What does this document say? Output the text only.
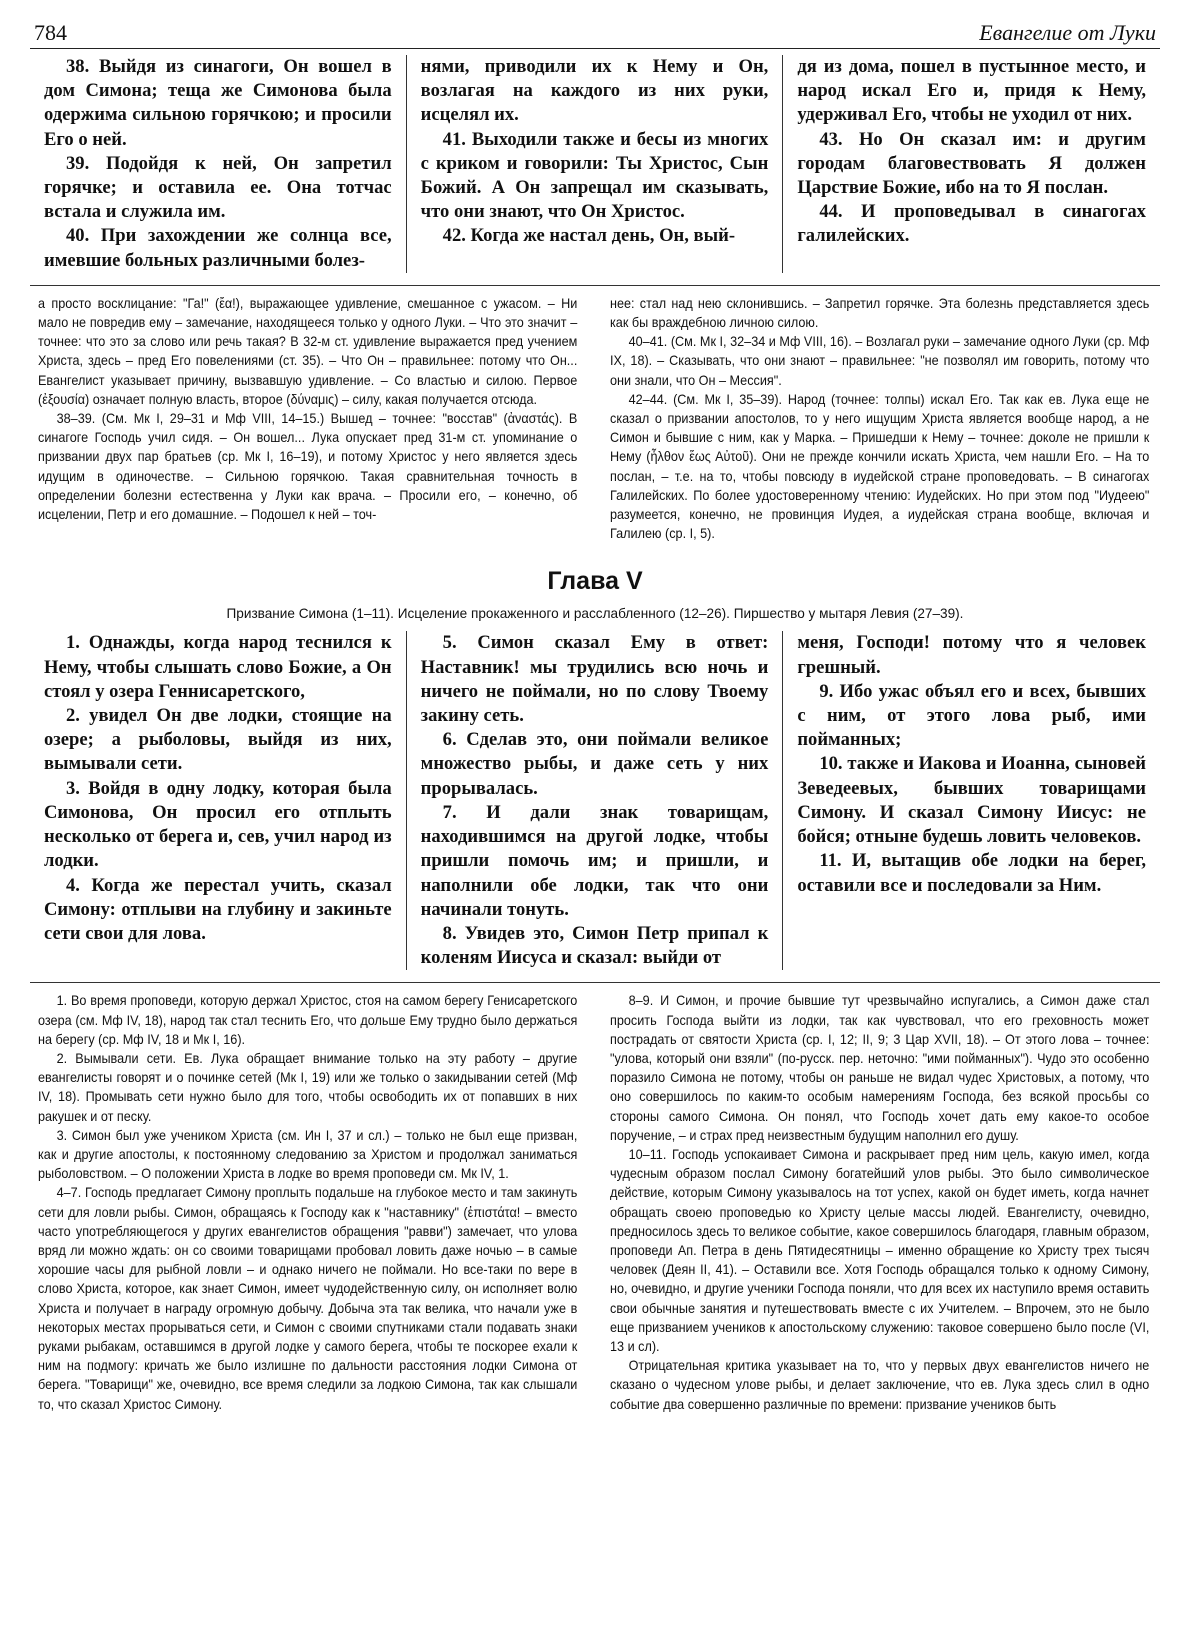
784	Евангелие от Луки

38. Выйдя из синагоги, Он вошел в дом Симона; теща же Симонова была одержима сильною горячкою; и просили Его о ней.

39. Подойдя к ней, Он запретил горячке; и оставила ее. Она тотчас встала и служила им.

40. При захождении же солнца все, имевшие больных различными болез-

нями, приводили их к Нему и Он, возлагая на каждого из них руки, исцелял их.

41. Выходили также и бесы из многих с криком и говорили: Ты Христос, Сын Божий. А Он запрещал им сказывать, что они знают, что Он Христос.

42. Когда же настал день, Он, вый-

дя из дома, пошел в пустынное место, и народ искал Его и, придя к Нему, удерживал Его, чтобы не уходил от них.

43. Но Он сказал им: и другим городам благовествовать Я должен Царствие Божие, ибо на то Я послан.

44. И проповедывал в синагогах галилейских.

а просто восклицание: "Га!" (ἔα!), выражающее удивление, смешанное с ужасом. – Ни мало не повредив ему – замечание, находящееся только у одного Луки. – Что это значит – точнее: что это за слово или речь такая? В 32-м ст. удивление выражается пред учением Христа, здесь – пред Его повелениями (ст. 35). – Что Он – правильнее: потому что Он... Евангелист указывает причину, вызвавшую удивление. – Со властью и силою. Первое (ἐξουσία) означает полную власть, второе (δύναμις) – силу, какая получается отсюда.

38–39. (См. Мк I, 29–31 и Мф VIII, 14–15.) Вышед – точнее: "восстав" (ἀναστάς). В синагоге Господь учил сидя. – Он вошел... Лука опускает пред 31-м ст. упоминание о призвании двух пар братьев (ср. Мк I, 16–19), и потому Христос у него является здесь идущим в одиночестве. – Сильною горячкою. Такая сравнительная точность в определении болезни естественна у Луки как врача. – Просили его, – конечно, об исцелении, Петр и его домашние. – Подошел к ней – точ-

нее: стал над нею склонившись. – Запретил горячке. Эта болезнь представляется здесь как бы враждебною личною силою.

40–41. (См. Мк I, 32–34 и Мф VIII, 16). – Возлагал руки – замечание одного Луки (ср. Мф IX, 18). – Сказывать, что они знают – правильнее: "не позволял им говорить, потому что они знали, что Он – Мессия".

42–44. (См. Мк I, 35–39). Народ (точнее: толпы) искал Его. Так как ев. Лука еще не сказал о призвании апостолов, то у него ищущим Христа является вообще народ, а не Симон и бывшие с ним, как у Марка. – Пришедши к Нему – точнее: доколе не пришли к Нему (ἦλθον ἕως Αὐτοῦ). Они не прежде кончили искать Христа, чем нашли Его. – На то послан, – т.е. на то, чтобы повсюду в иудейской стране проповедовать. – В синагогах Галилейских. По более удостоверенному чтению: Иудейских. Но при этом под "Иудеею" разумеется, конечно, не провинция Иудея, а иудейская страна вообще, включая и Галилею (ср. I, 5).

Глава V
Призвание Симона (1–11). Исцеление прокаженного и расслабленного (12–26). Пиршество у мытаря Левия (27–39).

1. Однажды, когда народ теснился к Нему, чтобы слышать слово Божие, а Он стоял у озера Геннисаретского,

2. увидел Он две лодки, стоящие на озере; а рыболовы, выйдя из них, вымывали сети.

3. Войдя в одну лодку, которая была Симонова, Он просил его отплыть несколько от берега и, сев, учил народ из лодки.

4. Когда же перестал учить, сказал Симону: отплыви на глубину и закиньте сети свои для лова.

5. Симон сказал Ему в ответ: Наставник! мы трудились всю ночь и ничего не поймали, но по слову Твоему закину сеть.

6. Сделав это, они поймали великое множество рыбы, и даже сеть у них прорывалась.

7. И дали знак товарищам, находившимся на другой лодке, чтобы пришли помочь им; и пришли, и наполнили обе лодки, так что они начинали тонуть.

8. Увидев это, Симон Петр припал к коленям Иисуса и сказал: выйди от

меня, Господи! потому что я человек грешный.

9. Ибо ужас объял его и всех, бывших с ним, от этого лова рыб, ими пойманных;

10. также и Иакова и Иоанна, сыновей Зеведеевых, бывших товарищами Симону. И сказал Симону Иисус: не бойся; отныне будешь ловить человеков.

11. И, вытащив обе лодки на берег, оставили все и последовали за Ним.

1. Во время проповеди, которую держал Христос, стоя на самом берегу Генисаретского озера (см. Мф IV, 18), народ так стал теснить Его, что дольше Ему трудно было держаться на берегу (ср. Мф IV, 18 и Мк I, 16).

2. Вымывали сети. Ев. Лука обращает внимание только на эту работу – другие евангелисты говорят и о починке сетей (Мк I, 19) или же только о закидывании сетей (Мф IV, 18). Промывать сети нужно было для того, чтобы освободить их от попавших в них ракушек и от песку.

3. Симон был уже учеником Христа (см. Ин I, 37 и сл.) – только не был еще призван, как и другие апостолы, к постоянному следованию за Христом и продолжал заниматься рыболовством. – О положении Христа в лодке во время проповеди см. Мк IV, 1.

4–7. Господь предлагает Симону проплыть подальше на глубокое место и там закинуть сети для ловли рыбы. Симон, обращаясь к Господу как к "наставнику" (ἐπιστάτα! – вместо часто употребляющегося у других евангелистов обращения "равви") замечает, что улова вряд ли можно ждать: он со своими товарищами пробовал ловить даже ночью – в самые хорошие часы для рыбной ловли – и однако ничего не поймали. Но все-таки по вере в слово Христа, которое, как знает Симон, имеет чудодейственную силу, он исполняет волю Христа и получает в награду огромную добычу. Добыча эта так велика, что начали уже в некоторых местах прорываться сети, и Симон с своими спутниками стали подавать знаки руками рыбакам, оставшимся в другой лодке у самого берега, чтобы те поскорее ехали к ним на подмогу: кричать же было излишне по дальности расстояния лодки Симона от берега. "Товарищи" же, очевидно, все время следили за лодкою Симона, так как слышали то, что сказал Христос Симону.

8–9. И Симон, и прочие бывшие тут чрезвычайно испугались, а Симон даже стал просить Господа выйти из лодки, так как чувствовал, что его греховность может пострадать от святости Христа (ср. I, 12; II, 9; 3 Цар XVII, 18). – От этого лова – точнее: "улова, который они взяли" (по-русск. пер. неточно: "ими пойманных"). Чудо это особенно поразило Симона не потому, чтобы он раньше не видал чудес Христовых, а потому, что оно совершилось по каким-то особым намерениям Господа, без всякой просьбы со стороны самого Симона. Он понял, что Господь хочет дать ему какое-то особое поручение, – и страх пред неизвестным будущим наполнил его душу.

10–11. Господь успокаивает Симона и раскрывает пред ним цель, какую имел, когда чудесным образом послал Симону богатейший улов рыбы. Это было символическое действие, которым Симону указывалось на тот успех, какой он будет иметь, когда начнет обращать своею проповедью ко Христу целые массы людей. Евангелисту, очевидно, предносилось здесь то великое событие, какое совершилось благодаря, главным образом, проповеди Ап. Петра в день Пятидесятницы – именно обращение ко Христу трех тысяч человек (Деян II, 41). – Оставили все. Хотя Господь обращался только к одному Симону, но, очевидно, и другие ученики Господа поняли, что для всех их наступило время оставить свои обычные занятия и путешествовать вместе с их Учителем. – Впрочем, это не было еще призванием учеников к апостольскому служению: таковое совершено было после (VI, 13 и сл).

Отрицательная критика указывает на то, что у первых двух евангелистов ничего не сказано о чудесном улове рыбы, и делает заключение, что ев. Лука здесь слил в одно событие два совершенно различные по времени: призвание учеников быть
